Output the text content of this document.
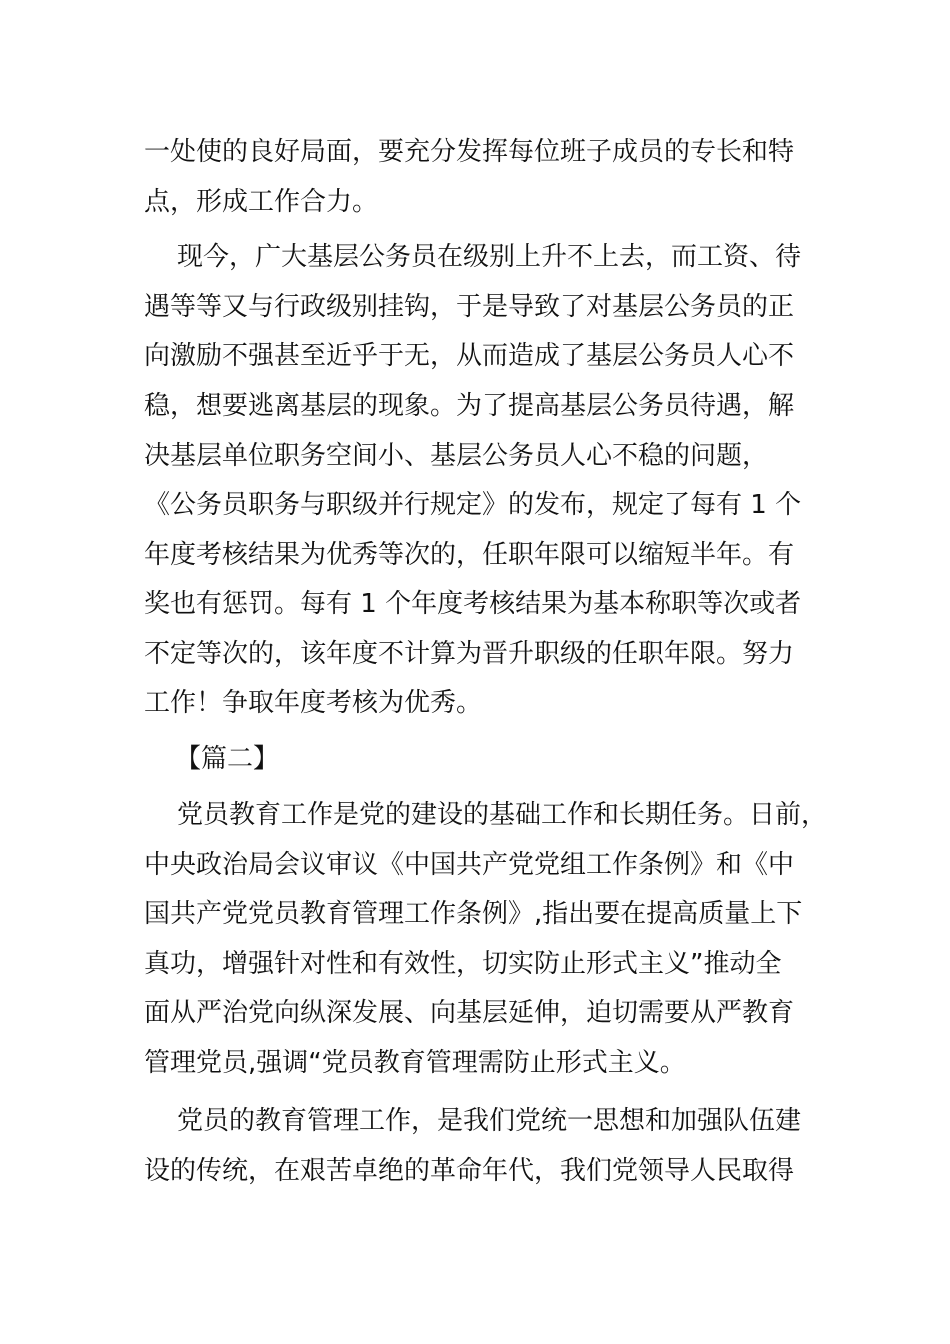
一处使的良好局面，要充分发挥每位班子成员的专长和特
点，形成工作合力。
现今，广大基层公务员在级别上升不上去，而工资、待
遇等等又与行政级别挂钩，于是导致了对基层公务员的正
向激励不强甚至近乎于无，从而造成了基层公务员人心不
稳，想要逃离基层的现象。为了提高基层公务员待遇，解
决基层单位职务空间小、基层公务员人心不稳的问题，
《公务员职务与职级并行规定》的发布，规定了每有 1 个
年度考核结果为优秀等次的，任职年限可以缩短半年。有
奖也有惩罚。每有 1 个年度考核结果为基本称职等次或者
不定等次的，该年度不计算为晋升职级的任职年限。努力
工作！争取年度考核为优秀。
【篇二】
党员教育工作是党的建设的基础工作和长期任务。日前，
中央政治局会议审议《中国共产党党组工作条例》和《中
国共产党党员教育管理工作条例》,指出要在提高质量上下
真功，增强针对性和有效性，切实防止形式主义”推动全
面从严治党向纵深发展、向基层延伸，迫切需要从严教育
管理党员,强调“党员教育管理需防止形式主义。
党员的教育管理工作，是我们党统一思想和加强队伍建
设的传统，在艰苦卓绝的革命年代，我们党领导人民取得
